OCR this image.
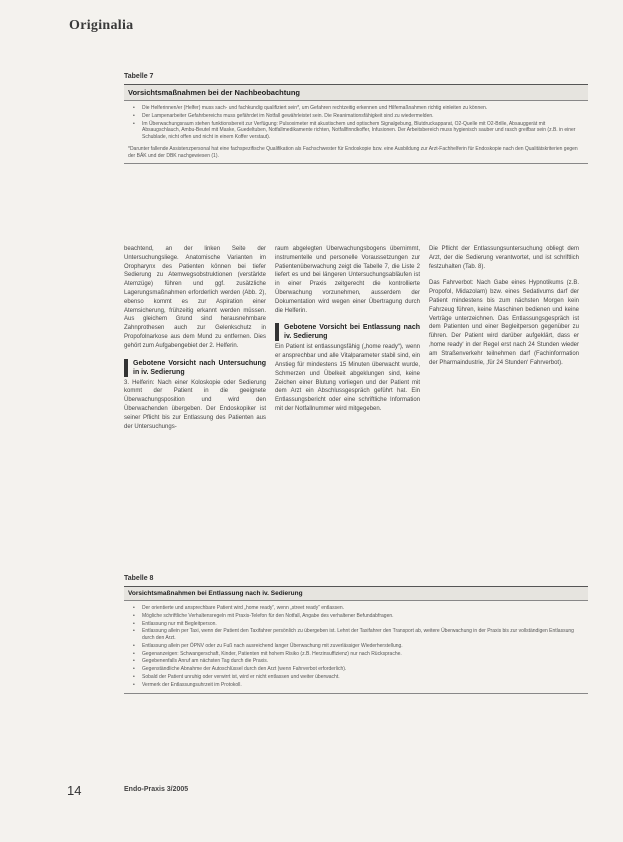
Originalia
Tabelle 7
Vorsichtsmaßnahmen bei der Nachbeobachtung
• Die Helferinnen/er (Helfer) muss sach- und fachkundig qualifiziert sein*, um Gefahren rechtzeitig erkennen und Hilfemaßnahmen richtig einleiten zu können.
• Der Lampenarbeiter Gefahrbereichs muss gefährdet im Notfall gewährleistet sein. Die Reanimationsfähigkeit sind zu wiedermelden.
• Im Überwachungsraum stehen funktionsbereit zur Verfügung: Pulsoximeter mit akustischem und optischem Signalgebung, Blutdruckapparat, O2-Quelle mit O2-Brille, Absauggerät mit Absaugschlauch, Ambu-Beutel mit Maske, Guedeltuben, Notfallmedikamente richten, Notfallfinndkoffer, Infusionen. Der Arbeitsbereich muss hygienisch sauber und rasch greifbar sein (z.B. in einer Schublade, nicht offen und nicht in einem Koffer verstaut).
*Darunter fallende Assistenzpersonal hat eine fachspezifische Qualifikation als Fachschwester für Endoskopie bzw. eine Ausbildung zur Arzt-Fachhelferin für Endoskopie nach den Qualitätskriterien gegen der BÄK und der DBK nachgewiesen (1).

beachtend, an der linken Seite der Untersuchungsliege. Anatomische Varianten im Oropharynx des Patienten können bei tiefer Sedierung zu Atemwegsobstruktionen (verstärkte Atemzüge) führen und ggf. zusätzliche Lagerungsmaßnahmen erforderlich werden (Abb. 2), ebenso kommt es zur Aspiration einer Atemsicherung, frühzeitig erkannt werden müssen. Aus gleichem Grund sind herausnehmbare Zahnprothesen auch zur Gelenkschutz in Propofolnarkose aus dem Mund zu entfernen. Dies gehört zum Aufgabengebiet der 2. Helferin.

Gebotene Vorsicht nach Untersuchung in iv. Sedierung

3. Helferin: Nach einer Koloskopie oder Sedierung kommt der Patient in die geeignete Überwachungsposition und wird den Überwachenden übergeben. Der Endoskopiker ist seiner Pflicht bis zur Entlassung des Patienten aus der Untersuchungs-

raum abgelegten Überwachungsbogens übernimmt, instrumentelle und personelle Voraussetzungen zur Patientenüberwachung zeigt die Tabelle 7, die Liste 2 liefert es und bei längeren Untersuchungsabläufen ist in einer Praxis zeitgerecht die kontrollierte Überwachung vorzunehmen, ausserdem der Dokumentation wird wegen einer Übertragung durch die Helferin.

Gebotene Vorsicht bei Entlassung nach iv. Sedierung

Ein Patient ist entlassungsfähig („home ready“), wenn er ansprechbar und alle Vitalparameter stabil sind, ein Anstieg für mindestens 15 Minuten überwacht wurde, Schmerzen und Übelkeit abgeklungen sind, keine Zeichen einer Blutung vorliegen und der Patient mit dem Arzt ein Abschlussgespräch geführt hat. Ein Entlassungsbericht oder eine schriftliche Information mit der Notfallnummer wird mitgegeben.

Die Pflicht der Entlassungsuntersuchung obliegt dem Arzt, der die Sedierung verantwortet, und ist schriftlich festzuhalten (Tab. 8).

Das Fahrverbot: Nach Gabe eines Hypnotikums (z.B. Propofol, Midazolam) bzw. eines Sedativums darf der Patient mindestens bis zum nächsten Morgen kein Fahrzeug führen, keine Maschinen bedienen und keine Verträge unterzeichnen. Das Entlassungsgespräch ist dem Patienten und einer Begleitperson gegenüber zu führen. Der Patient wird darüber aufgeklärt, dass er ‚home ready‘ in der Regel erst nach 24 Stunden wieder am Straßenverkehr teilnehmen darf (Fachinformation der Pharmaindustrie, ‚für 24 Stunden‘ Fahrverbot).

Tabelle 8
Vorsichtsmaßnahmen bei Entlassung nach iv. Sedierung
• Der orientierte und ansprechbare Patient wird „home ready“, wenn „street ready“ entlassen.
• Mögliche schriftliche Verhaltensregeln mit Praxis-Telefon für den Notfall, Angabe des verhaltener Befundabfragen.
• Entlassung nur mit Begleitperson.
• Entlassung allein per Taxi, wenn der Patient den Taxifahrer persönlich zu übergeben ist. Lehnt der Taxifahrer den Transport ab, weitere Überwachung in der Praxis bis zur vollständigen Entlassung durch den Arzt.
• Entlassung allein per ÖPNV oder zu Fuß nach ausreichend langer Überwachung mit zuverlässiger Wiederherstellung.
• Gegenanzeigen: Schwangerschaft, Kinder, Patienten mit hohem Risiko (z.B. Herzinsuffizienz) nur nach Rücksprache.
• Gegebenenfalls Anruf am nächsten Tag durch die Praxis.
• Gegenständliche Abnahme der Autoschlüssel durch den Arzt (wenn Fahrverbot erforderlich).
• Sobald der Patient unruhig oder verwirrt ist, wird er nicht entlassen und weiter überwacht.
• Vermerk der Entlassungsuhrzeit im Protokoll.
14	Endo-Praxis 3/2005
